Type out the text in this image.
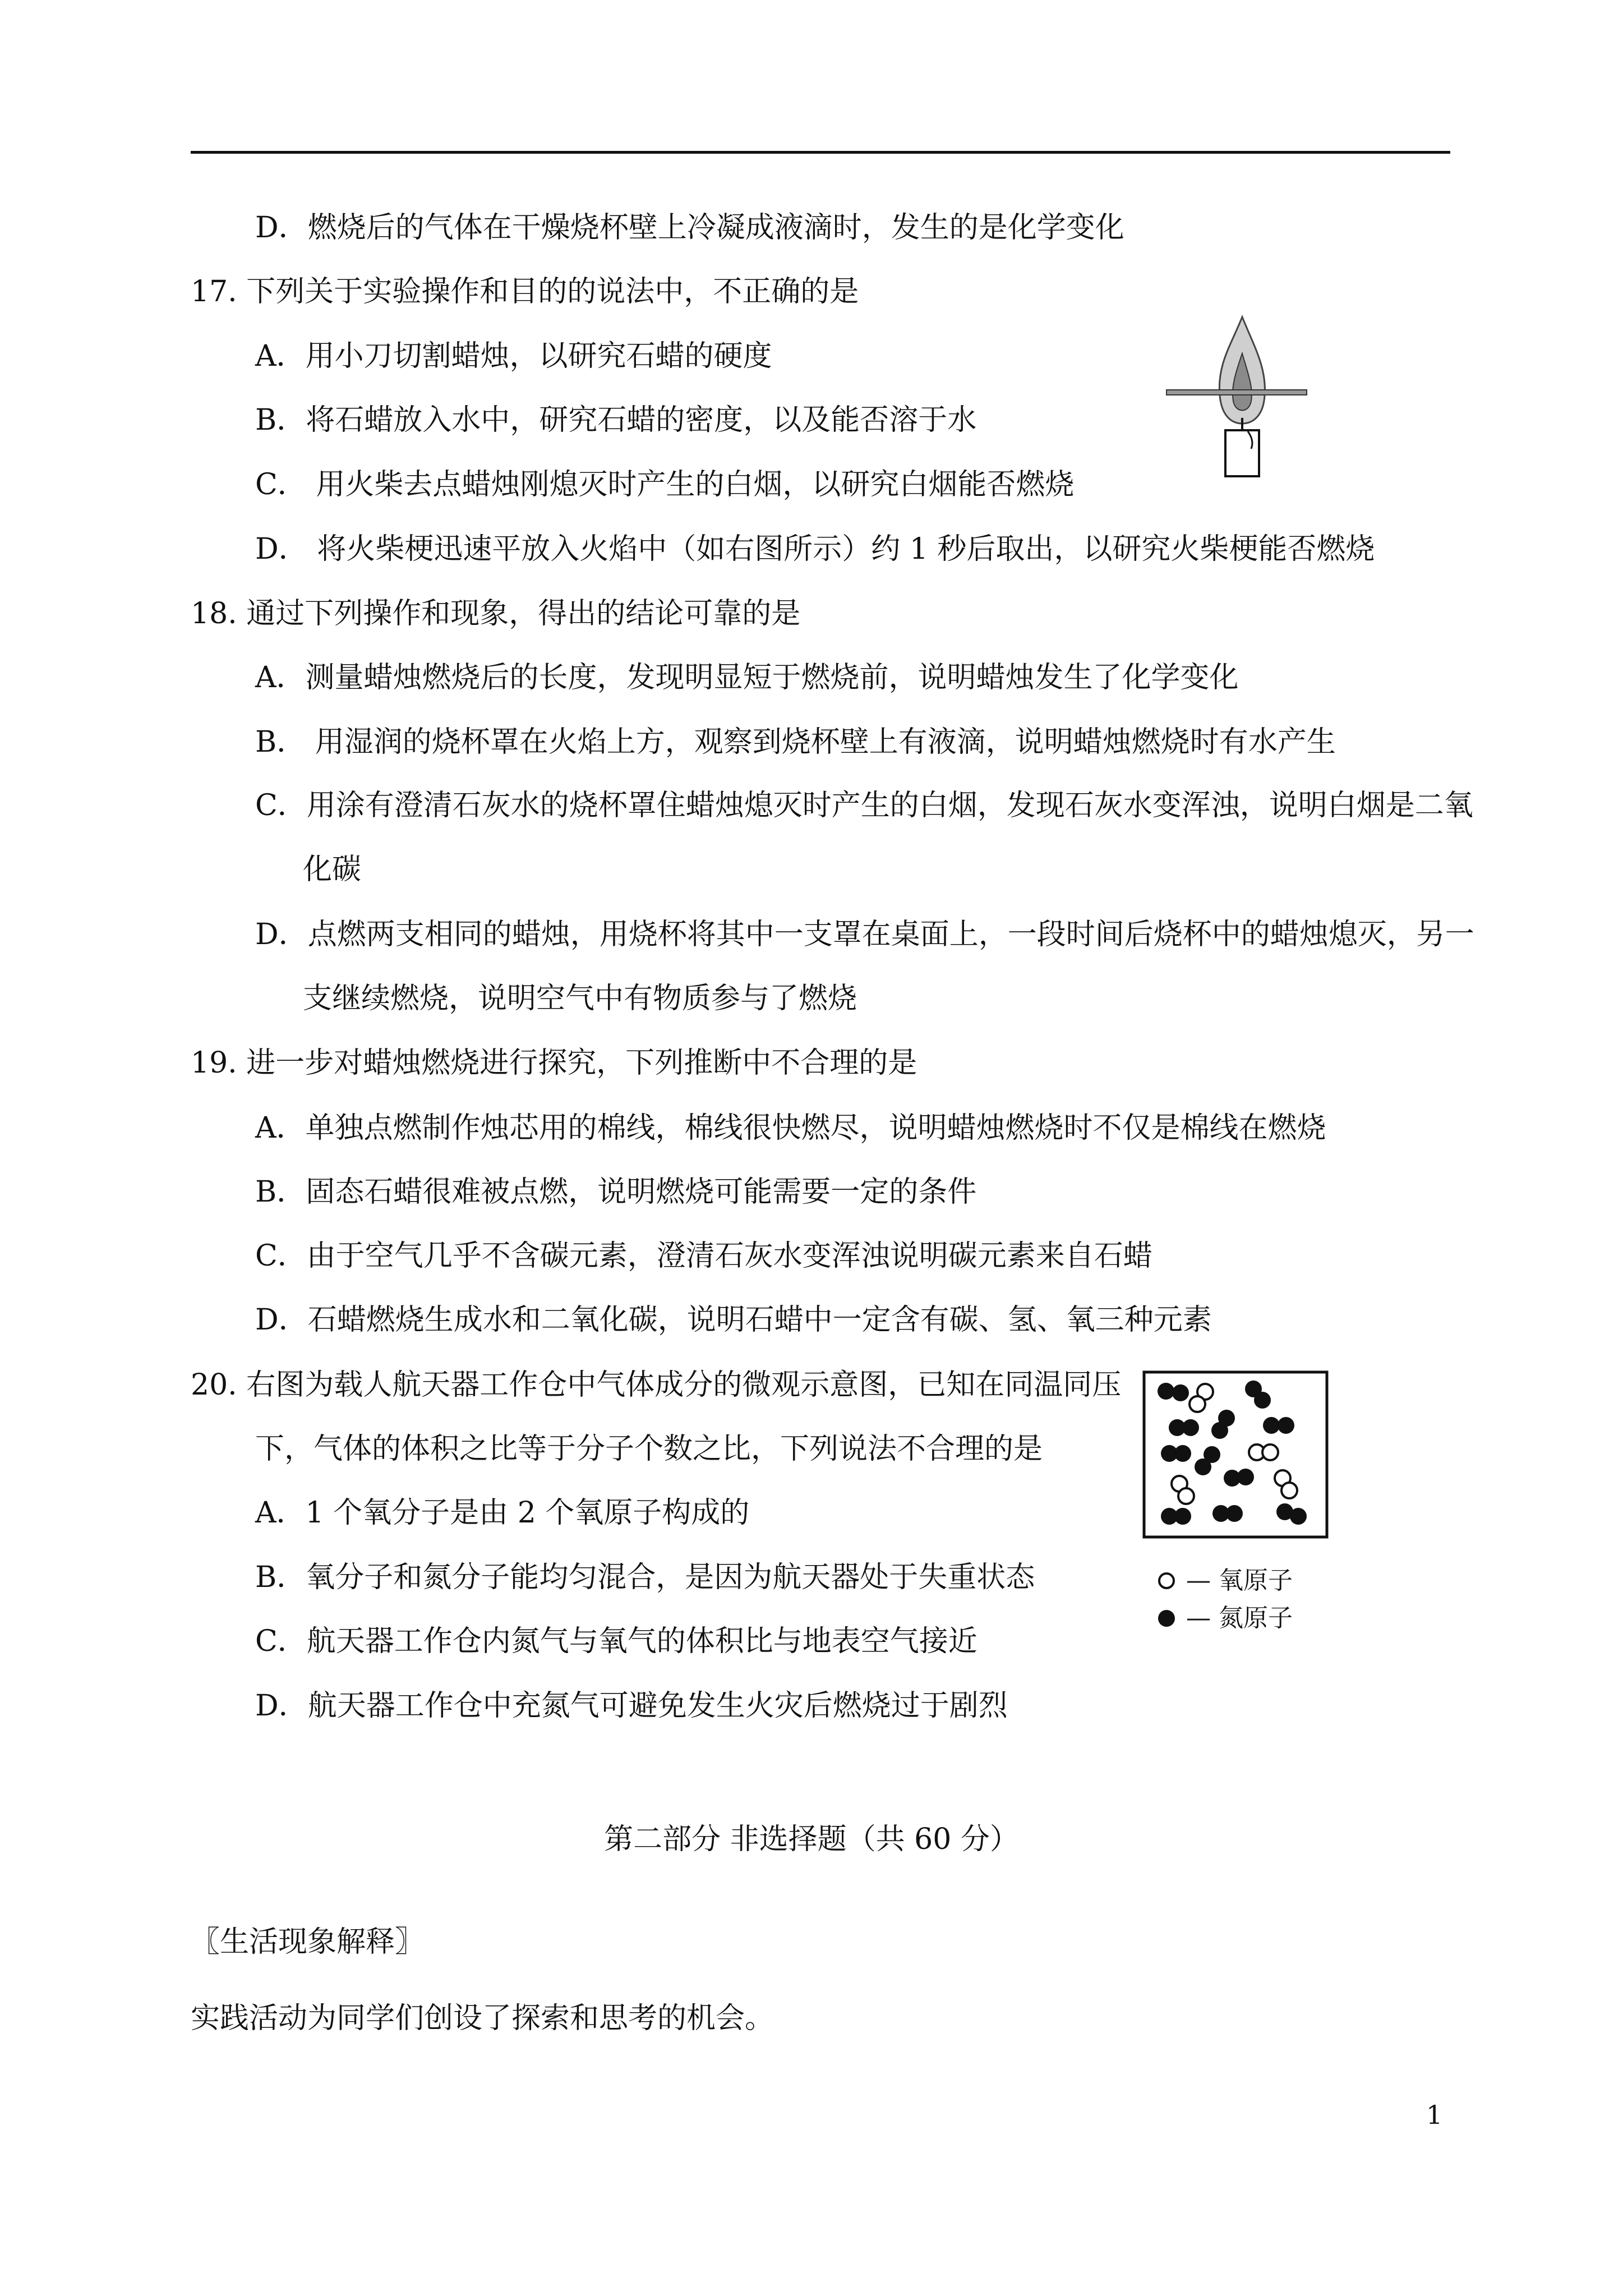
D．燃烧后的气体在干燥烧杯壁上冷凝成液滴时，发生的是化学变化
17. 下列关于实验操作和目的的说法中，不正确的是
A．用小刀切割蜡烛，以研究石蜡的硬度
B．将石蜡放入水中，研究石蜡的密度，以及能否溶于水
C． 用火柴去点蜡烛刚熄灭时产生的白烟，以研究白烟能否燃烧
D． 将火柴梗迅速平放入火焰中（如右图所示）约 1 秒后取出，以研究火柴梗能否燃烧
18. 通过下列操作和现象，得出的结论可靠的是
A．测量蜡烛燃烧后的长度，发现明显短于燃烧前，说明蜡烛发生了化学变化
B． 用湿润的烧杯罩在火焰上方，观察到烧杯壁上有液滴，说明蜡烛燃烧时有水产生
C．用涂有澄清石灰水的烧杯罩住蜡烛熄灭时产生的白烟，发现石灰水变浑浊，说明白烟是二氧
化碳
D．点燃两支相同的蜡烛，用烧杯将其中一支罩在桌面上，一段时间后烧杯中的蜡烛熄灭，另一
支继续燃烧，说明空气中有物质参与了燃烧
19. 进一步对蜡烛燃烧进行探究，下列推断中不合理的是
A．单独点燃制作烛芯用的棉线，棉线很快燃尽，说明蜡烛燃烧时不仅是棉线在燃烧
B．固态石蜡很难被点燃，说明燃烧可能需要一定的条件
C．由于空气几乎不含碳元素，澄清石灰水变浑浊说明碳元素来自石蜡
D．石蜡燃烧生成水和二氧化碳，说明石蜡中一定含有碳、氢、氧三种元素
20. 右图为载人航天器工作仓中气体成分的微观示意图，已知在同温同压
下，气体的体积之比等于分子个数之比，下列说法不合理的是
A．1 个氧分子是由 2 个氧原子构成的
B．氧分子和氮分子能均匀混合，是因为航天器处于失重状态
C．航天器工作仓内氮气与氧气的体积比与地表空气接近
D．航天器工作仓中充氮气可避免发生火灾后燃烧过于剧烈
— 氧原子
— 氮原子
第二部分 非选择题（共 60 分）
〖生活现象解释〗
实践活动为同学们创设了探索和思考的机会。
1
